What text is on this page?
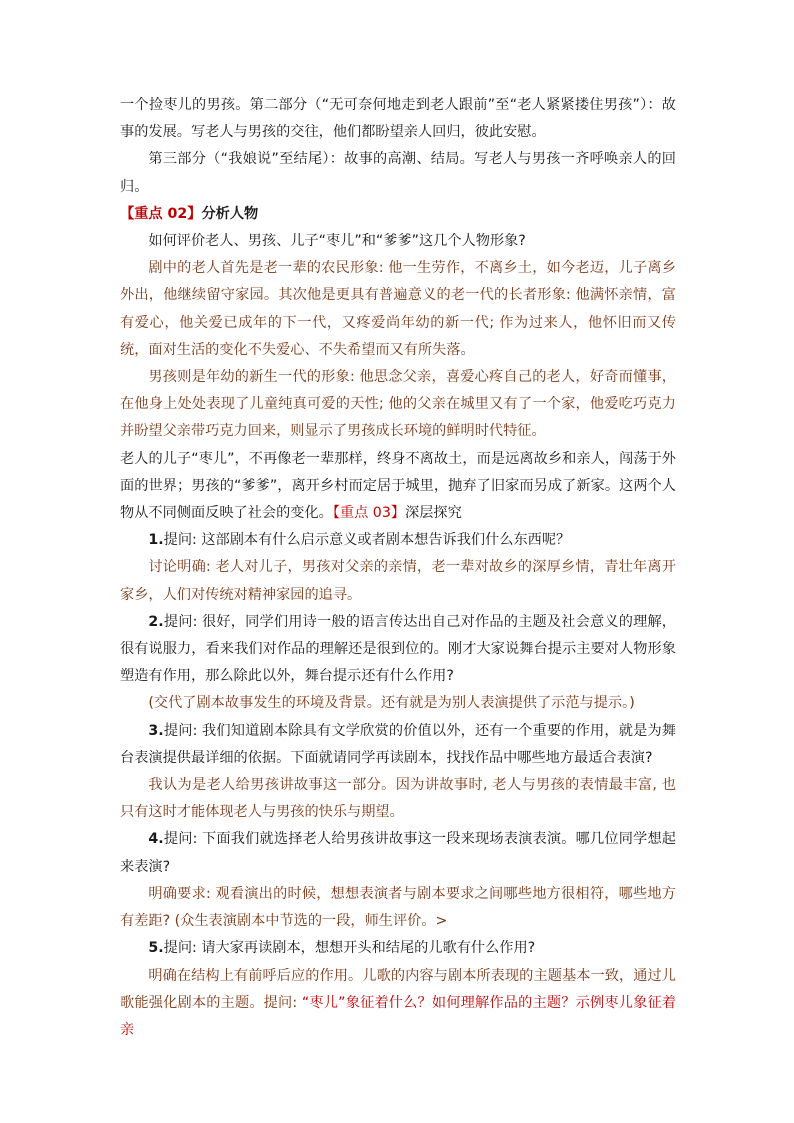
一个捡枣儿的男孩。第二部分（“无可奈何地走到老人跟前”至“老人紧紧搂住男孩”）：故事的发展。写老人与男孩的交往，他们都盼望亲人回归，彼此安慰。

第三部分（“我娘说”至结尾）：故事的高潮、结局。写老人与男孩一齐呼唤亲人的回归。

【重点 02】分析人物

如何评价老人、男孩、儿子“枣儿”和“爹爹”这几个人物形象?

剧中的老人首先是老一辈的农民形象: 他一生劳作，不离乡土，如今老迈，儿子离乡外出，他继续留守家园。其次他是更具有普遍意义的老一代的长者形象: 他满怀亲情，富有爱心，他关爱已成年的下一代，又疼爱尚年幼的新一代; 作为过来人，他怀旧而又传统，面对生活的变化不失爱心、不失希望而又有所失落。

男孩则是年幼的新生一代的形象: 他思念父亲，喜爱心疼自己的老人，好奇而懂事，在他身上处处表现了儿童纯真可爱的天性; 他的父亲在城里又有了一个家，他爱吃巧克力并盼望父亲带巧克力回来，则显示了男孩成长环境的鲜明时代特征。

老人的儿子“枣儿”，不再像老一辈那样，终身不离故土，而是远离故乡和亲人，闯荡于外面的世界；男孩的“爹爹”，离开乡村而定居于城里，抛弃了旧家而另成了新家。这两个人物从不同侧面反映了社会的变化。【重点 03】深层探究

1.提问: 这部剧本有什么启示意义或者剧本想告诉我们什么东西呢？

讨论明确: 老人对儿子，男孩对父亲的亲情，老一辈对故乡的深厚乡情，青壮年离开家乡，人们对传统对精神家园的追寻。

2.提问: 很好，同学们用诗一般的语言传达出自己对作品的主题及社会意义的理解，很有说服力，看来我们对作品的理解还是很到位的。刚才大家说舞台提示主要对人物形象塑造有作用，那么除此以外，舞台提示还有什么作用?

(交代了剧本故事发生的环境及背景。还有就是为别人表演提供了示范与提示。)

3.提问: 我们知道剧本除具有文学欣赏的价值以外，还有一个重要的作用，就是为舞台表演提供最详细的依据。下面就请同学再读剧本，找找作品中哪些地方最适合表演?

我认为是老人给男孩讲故事这一部分。因为讲故事时, 老人与男孩的表情最丰富, 也只有这时才能体现老人与男孩的快乐与期望。

4.提问: 下面我们就选择老人给男孩讲故事这一段来现场表演表演。哪几位同学想起来表演?

明确要求: 观看演出的时候，想想表演者与剧本要求之间哪些地方很相符，哪些地方有差距? (众生表演剧本中节选的一段，师生评价。>

5.提问: 请大家再读剧本，想想开头和结尾的儿歌有什么作用?

明确在结构上有前呼后应的作用。儿歌的内容与剧本所表现的主题基本一致，通过儿歌能强化剧本的主题。提问: “枣儿”象征着什么？如何理解作品的主题？示例枣儿象征着亲
